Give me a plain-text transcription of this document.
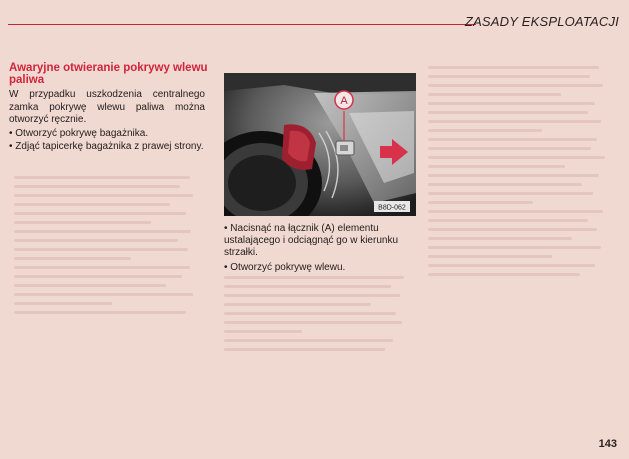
ZASADY EKSPLOATACJI
Awaryjne otwieranie pokrywy wlewu paliwa

W przypadku uszkodzenia centralnego zamka pokrywę wlewu paliwa można otworzyć ręcznie.

• Otworzyć pokrywę bagażnika.

• Zdjąć tapicerkę bagażnika z prawej strony.

A
B8D-062

• Nacisnąć na łącznik (A) elementu ustalającego i odciągnąć go w kierunku strzałki.

• Otworzyć pokrywę wlewu.

143
